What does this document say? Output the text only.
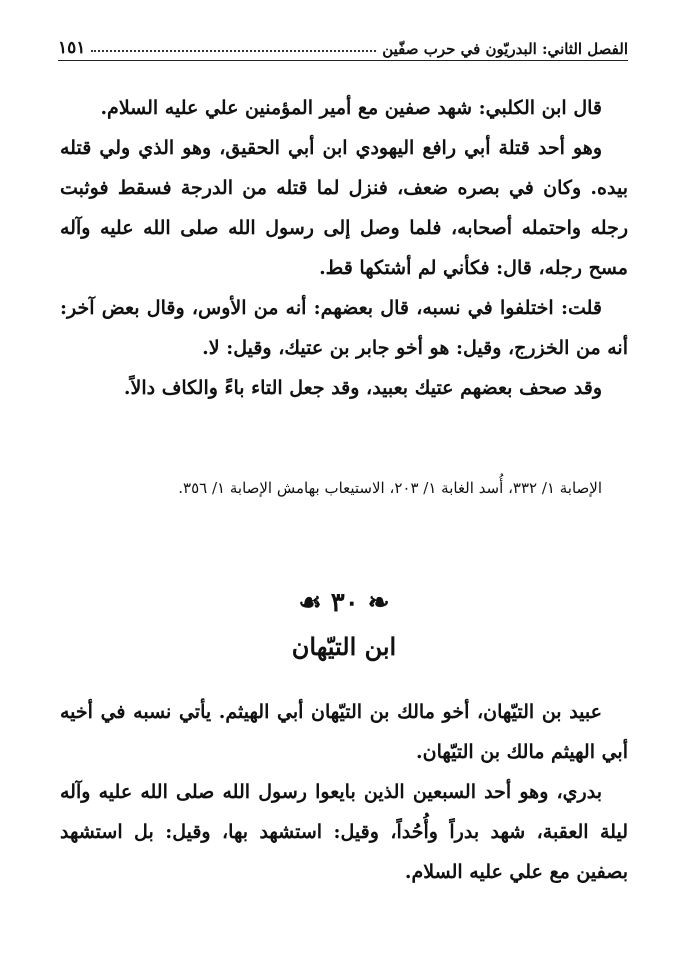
الفصل الثاني: البدريّون في حرب صفّين
١٥١

قال ابن الكلبي: شهد صفين مع أمير المؤمنين علي عليه السلام.

وهو أحد قتلة أبي رافع اليهودي ابن أبي الحقيق، وهو الذي ولي قتله بيده. وكان في بصره ضعف، فنزل لما قتله من الدرجة فسقط فوثبت رجله واحتمله أصحابه، فلما وصل إلى رسول الله صلى الله عليه وآله مسح رجله، قال: فكأني لم أشتكها قط.

قلت: اختلفوا في نسبه، قال بعضهم: أنه من الأوس، وقال بعض آخر: أنه من الخزرج، وقيل: هو أخو جابر بن عتيك، وقيل: لا.

وقد صحف بعضهم عتيك بعبيد، وقد جعل التاء باءً والكاف دالاً.

الإصابة ١/ ٣٣٢، أُسد الغابة ١/ ٢٠٣، الاستيعاب بهامش الإصابة ١/ ٣٥٦.

❧ ٣٠ ☙
ابن التيّهان

عبيد بن التيّهان، أخو مالك بن التيّهان أبي الهيثم. يأتي نسبه في أخيه أبي الهيثم مالك بن التيّهان.

بدري، وهو أحد السبعين الذين بايعوا رسول الله صلى الله عليه وآله ليلة العقبة، شهد بدراً وأُحُداً، وقيل: استشهد بها، وقيل: بل استشهد بصفين مع علي عليه السلام.
